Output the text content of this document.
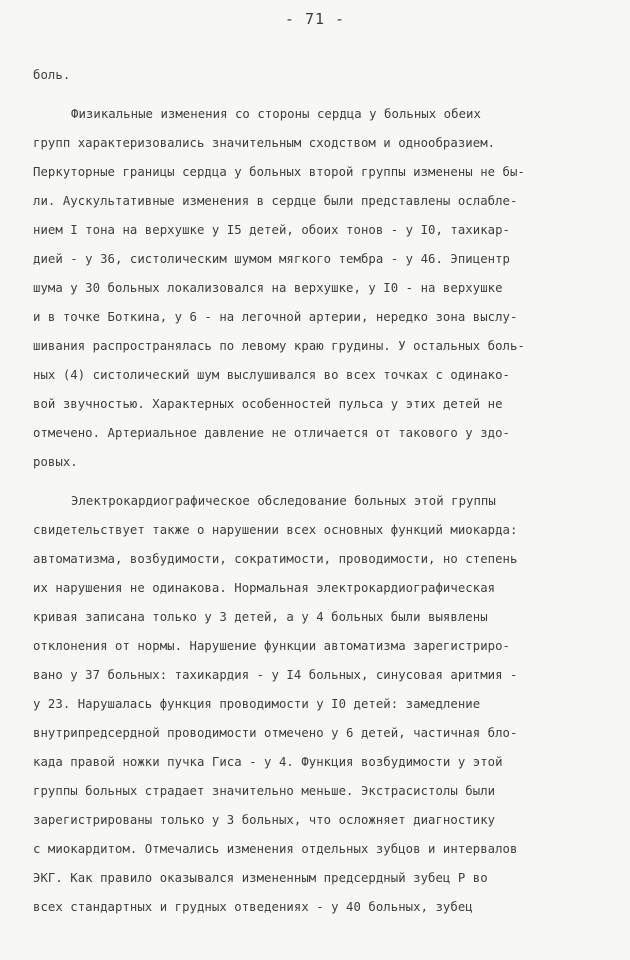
- 71 -
боль.
Физикальные изменения со стороны сердца у больных обеих
групп характеризовались значительным сходством и однообразием.
Перкуторные границы сердца у больных второй группы изменены не бы-
ли. Аускультативные изменения в сердце были представлены ослабле-
нием I тона на верхушке у I5 детей, обоих тонов - у I0, тахикар-
дией - у 36, систолическим шумом мягкого тембра - у 46. Эпицентр
шума у 30 больных локализовался на верхушке, у I0 - на верхушке
и в точке Боткина, у 6 - на легочной артерии, нередко зона выслу-
шивания распространялась по левому краю грудины. У остальных боль-
ных (4) систолический шум выслушивался во всех точках с одинако-
вой звучностью. Характерных особенностей пульса у этих детей не
отмечено. Артериальное давление не отличается от такового у здо-
ровых.
Электрокардиографическое обследование больных этой группы
свидетельствует также о нарушении всех основных функций миокарда:
автоматизма, возбудимости, сократимости, проводимости, но степень
их нарушения не одинакова. Нормальная электрокардиографическая
кривая записана только у 3 детей, а у 4 больных были выявлены
отклонения от нормы. Нарушение функции автоматизма зарегистриро-
вано у 37 больных: тахикардия - у I4 больных, синусовая аритмия -
у 23. Нарушалась функция проводимости у I0 детей: замедление
внутрипредсердной проводимости отмечено у 6 детей, частичная бло-
када правой ножки пучка Гиса - у 4. Функция возбудимости у этой
группы больных страдает значительно меньше. Экстрасистолы были
зарегистрированы только у 3 больных, что осложняет диагностику
с миокардитом. Отмечались изменения отдельных зубцов и интервалов
ЭКГ. Как правило оказывался измененным предсердный зубец Р во
всех стандартных и грудных отведениях - у 40 больных, зубец
